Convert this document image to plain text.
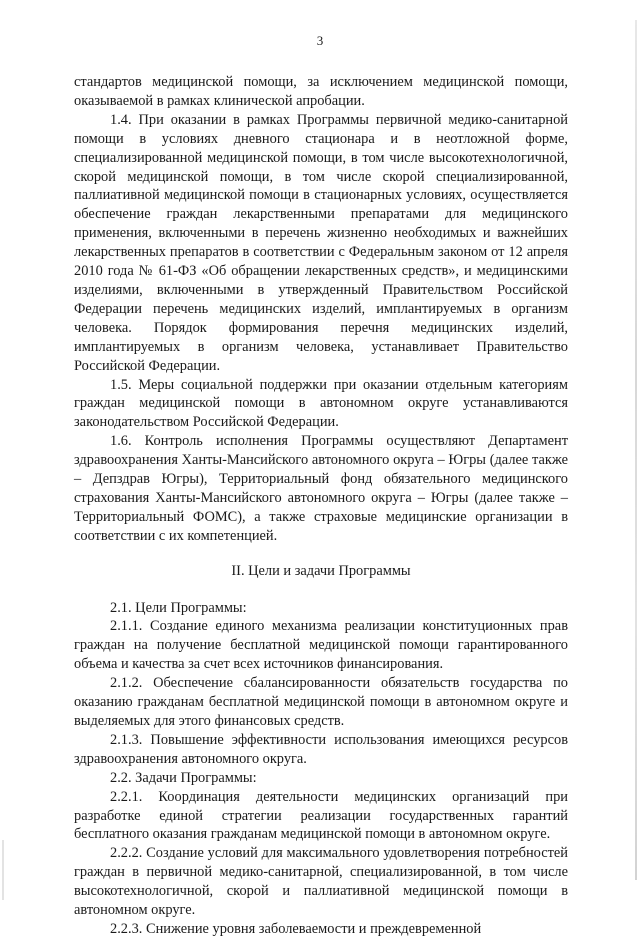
3

стандартов медицинской помощи, за исключением медицинской помощи, оказываемой в рамках клинической апробации.

1.4. При оказании в рамках Программы первичной медико-санитарной помощи в условиях дневного стационара и в неотложной форме, специализированной медицинской помощи, в том числе высокотехнологичной, скорой медицинской помощи, в том числе скорой специализированной, паллиативной медицинской помощи в стационарных условиях, осуществляется обеспечение граждан лекарственными препаратами для медицинского применения, включенными в перечень жизненно необходимых и важнейших лекарственных препаратов в соответствии с Федеральным законом от 12 апреля 2010 года № 61-ФЗ «Об обращении лекарственных средств», и медицинскими изделиями, включенными в утвержденный Правительством Российской Федерации перечень медицинских изделий, имплантируемых в организм человека. Порядок формирования перечня медицинских изделий, имплантируемых в организм человека, устанавливает Правительство Российской Федерации.

1.5. Меры социальной поддержки при оказании отдельным категориям граждан медицинской помощи в автономном округе устанавливаются законодательством Российской Федерации.

1.6. Контроль исполнения Программы осуществляют Департамент здравоохранения Ханты-Мансийского автономного округа – Югры (далее также – Депздрав Югры), Территориальный фонд обязательного медицинского страхования Ханты-Мансийского автономного округа – Югры (далее также – Территориальный ФОМС), а также страховые медицинские организации в соответствии с их компетенцией.

II. Цели и задачи Программы

2.1. Цели Программы:

2.1.1. Создание единого механизма реализации конституционных прав граждан на получение бесплатной медицинской помощи гарантированного объема и качества за счет всех источников финансирования.

2.1.2. Обеспечение сбалансированности обязательств государства по оказанию гражданам бесплатной медицинской помощи в автономном округе и выделяемых для этого финансовых средств.

2.1.3. Повышение эффективности использования имеющихся ресурсов здравоохранения автономного округа.

2.2. Задачи Программы:

2.2.1. Координация деятельности медицинских организаций при разработке единой стратегии реализации государственных гарантий бесплатного оказания гражданам медицинской помощи в автономном округе.

2.2.2. Создание условий для максимального удовлетворения потребностей граждан в первичной медико-санитарной, специализированной, в том числе высокотехнологичной, скорой и паллиативной медицинской помощи в автономном округе.

2.2.3. Снижение уровня заболеваемости и преждевременной
